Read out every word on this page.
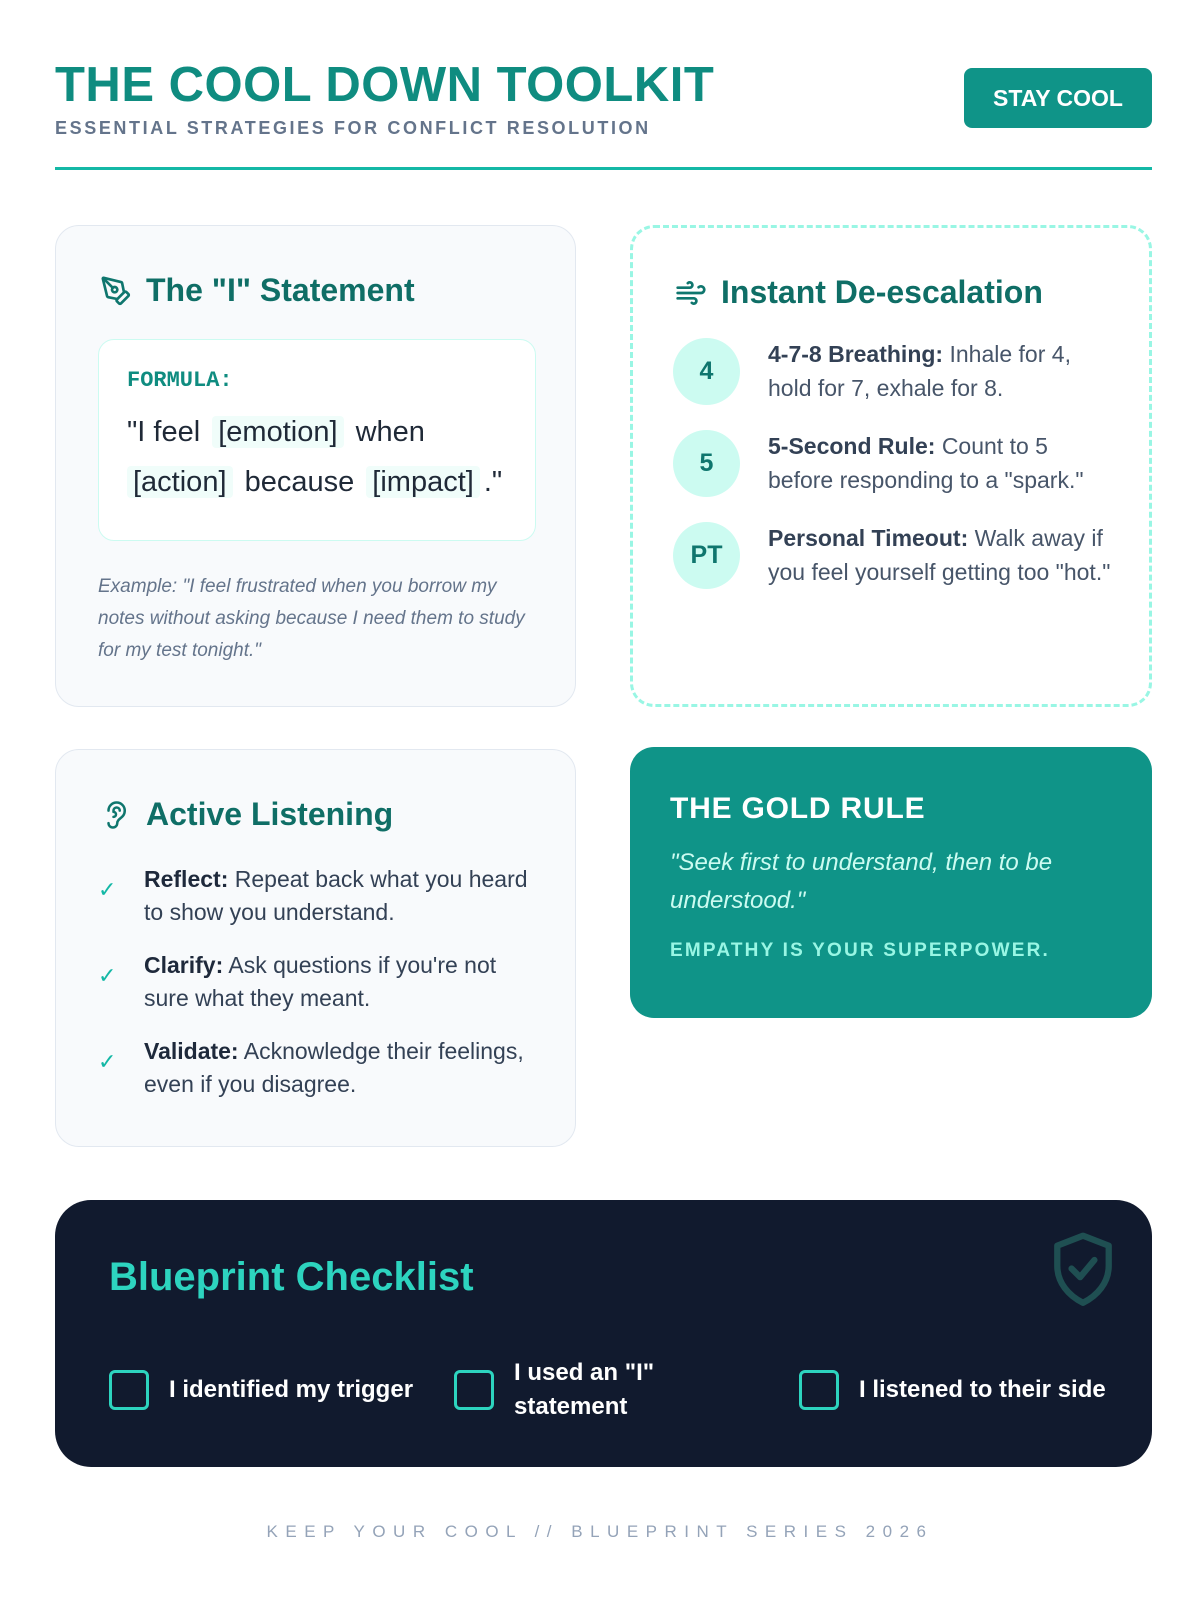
THE COOL DOWN TOOLKIT
ESSENTIAL STRATEGIES FOR CONFLICT RESOLUTION
STAY COOL
The "I" Statement
FORMULA:
"I feel [emotion] when
[action] because [impact] ."
Example: "I feel frustrated when you borrow my notes without asking because I need them to study for my test tonight."
Instant De-escalation
4
4-7-8 Breathing: Inhale for 4, hold for 7, exhale for 8.
5
5-Second Rule: Count to 5 before responding to a "spark."
PT
Personal Timeout: Walk away if you feel yourself getting too "hot."
Active Listening
✓	Reflect: Repeat back what you heard to show you understand.
✓	Clarify: Ask questions if you're not sure what they meant.
✓	Validate: Acknowledge their feelings, even if you disagree.
THE GOLD RULE
"Seek first to understand, then to be understood."
EMPATHY IS YOUR SUPERPOWER.
Blueprint Checklist
I identified my trigger
I used an "I" statement
I listened to their side
KEEP YOUR COOL // BLUEPRINT SERIES 2026
